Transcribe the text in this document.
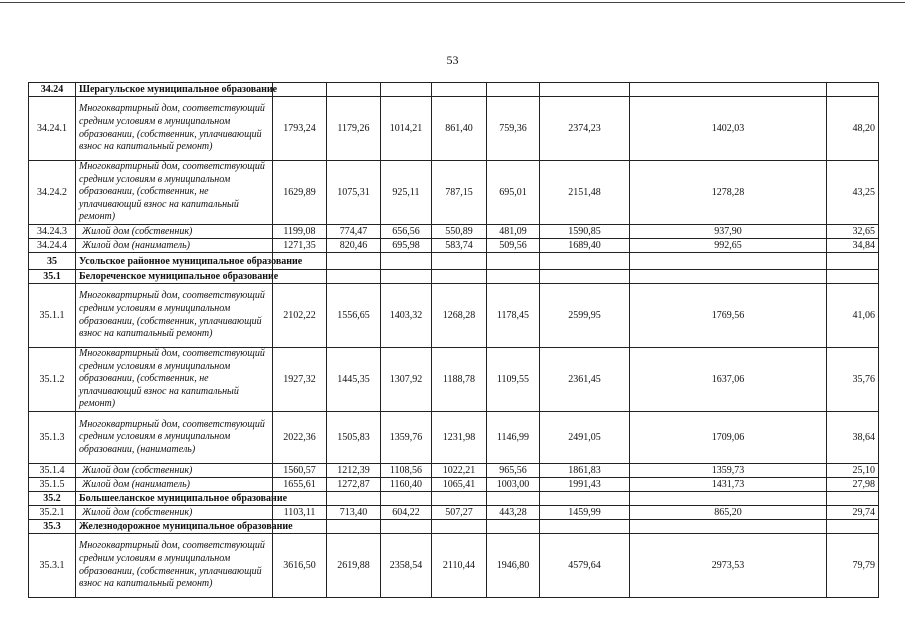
53
34.24	Шерагульское муниципальное образование								
34.24.1	Многоквартирный дом, соответствующий средним условиям в муниципальном образовании, (собственник, уплачивающий взнос на капитальный ремонт)	1793,24	1179,26	1014,21	861,40	759,36	2374,23	1402,03	48,20
34.24.2	Многоквартирный дом, соответствующий средним условиям в муниципальном образовании, (собственник, не уплачивающий взнос на капитальный ремонт)	1629,89	1075,31	925,11	787,15	695,01	2151,48	1278,28	43,25
34.24.3	Жилой дом (собственник)	1199,08	774,47	656,56	550,89	481,09	1590,85	937,90	32,65
34.24.4	Жилой дом (наниматель)	1271,35	820,46	695,98	583,74	509,56	1689,40	992,65	34,84
35	Усольское районное муниципальное образование								
35.1	Белореченское муниципальное образование								
35.1.1	Многоквартирный дом, соответствующий средним условиям в муниципальном образовании, (собственник, уплачивающий взнос на капитальный ремонт)	2102,22	1556,65	1403,32	1268,28	1178,45	2599,95	1769,56	41,06
35.1.2	Многоквартирный дом, соответствующий средним условиям в муниципальном образовании, (собственник, не уплачивающий взнос на капитальный ремонт)	1927,32	1445,35	1307,92	1188,78	1109,55	2361,45	1637,06	35,76
35.1.3	Многоквартирный дом, соответствующий средним условиям в муниципальном образовании, (наниматель)	2022,36	1505,83	1359,76	1231,98	1146,99	2491,05	1709,06	38,64
35.1.4	Жилой дом (собственник)	1560,57	1212,39	1108,56	1022,21	965,56	1861,83	1359,73	25,10
35.1.5	Жилой дом (наниматель)	1655,61	1272,87	1160,40	1065,41	1003,00	1991,43	1431,73	27,98
35.2	Большееланское муниципальное образование								
35.2.1	Жилой дом (собственник)	1103,11	713,40	604,22	507,27	443,28	1459,99	865,20	29,74
35.3	Железнодорожное муниципальное образование								
35.3.1	Многоквартирный дом, соответствующий средним условиям в муниципальном образовании, (собственник, уплачивающий взнос на капитальный ремонт)	3616,50	2619,88	2358,54	2110,44	1946,80	4579,64	2973,53	79,79
